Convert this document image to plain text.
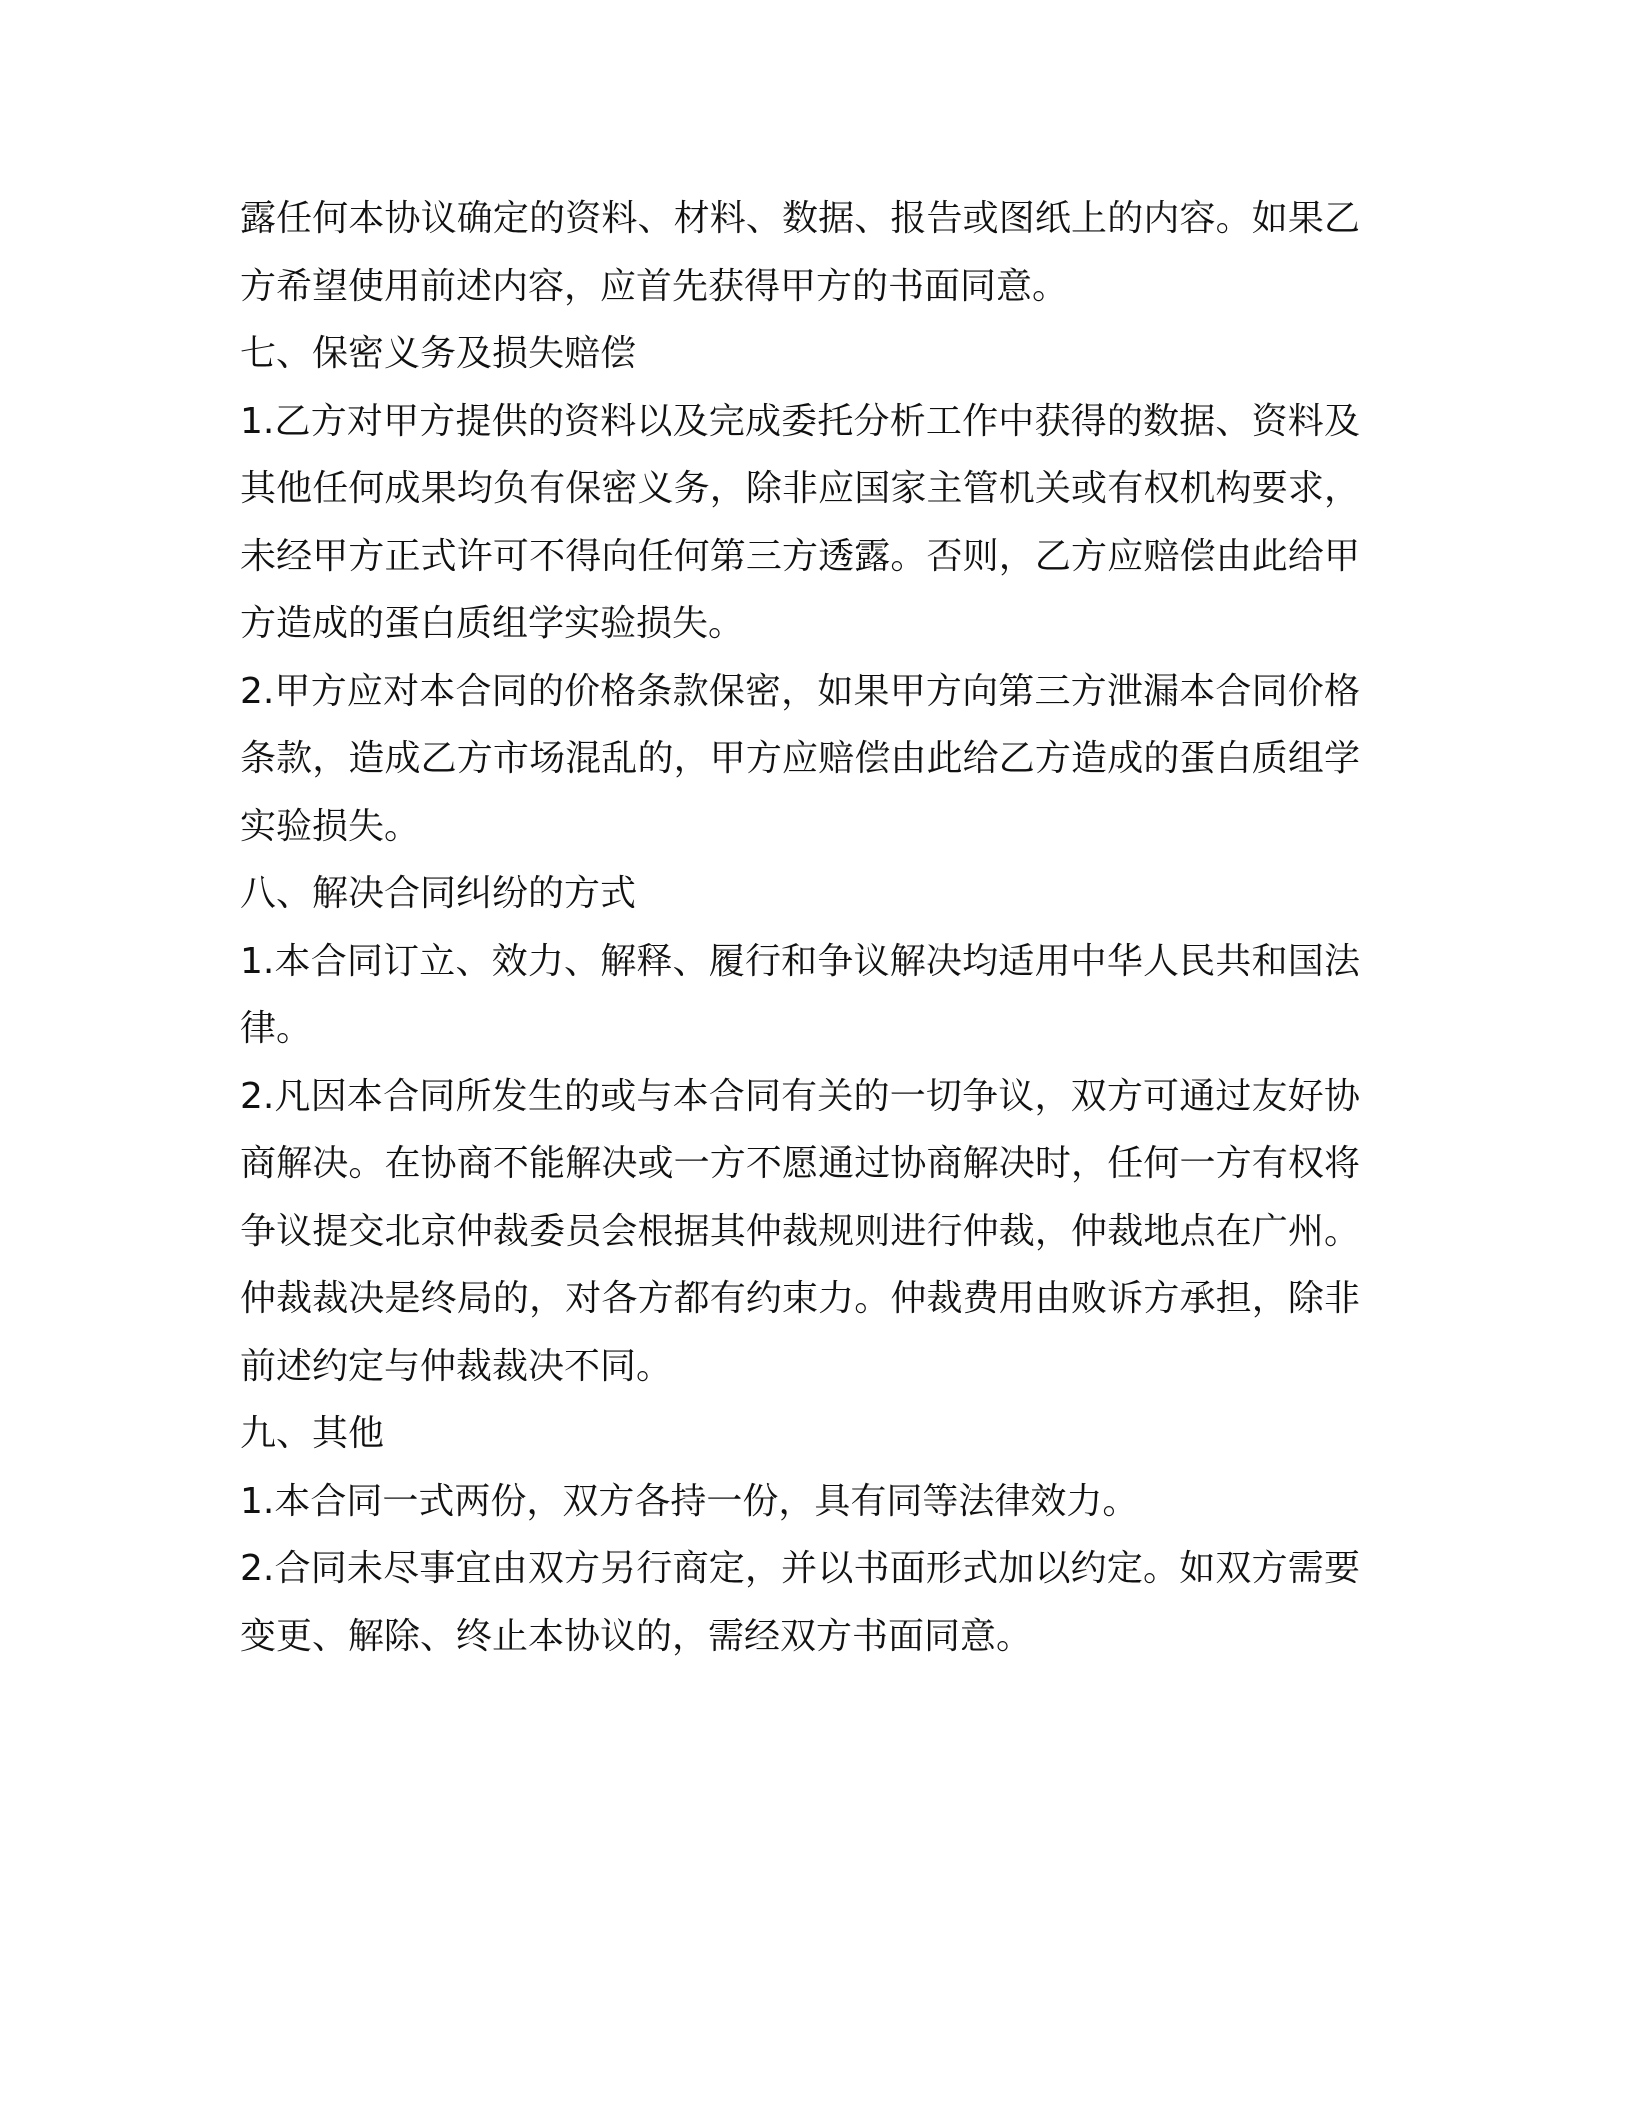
露任何本协议确定的资料、材料、数据、报告或图纸上的内容。如果乙方希望使用前述内容，应首先获得甲方的书面同意。

七、保密义务及损失赔偿

1.乙方对甲方提供的资料以及完成委托分析工作中获得的数据、资料及其他任何成果均负有保密义务，除非应国家主管机关或有权机构要求，未经甲方正式许可不得向任何第三方透露。否则，乙方应赔偿由此给甲方造成的蛋白质组学实验损失。

2.甲方应对本合同的价格条款保密，如果甲方向第三方泄漏本合同价格条款，造成乙方市场混乱的，甲方应赔偿由此给乙方造成的蛋白质组学实验损失。

八、解决合同纠纷的方式

1.本合同订立、效力、解释、履行和争议解决均适用中华人民共和国法律。

2.凡因本合同所发生的或与本合同有关的一切争议，双方可通过友好协商解决。在协商不能解决或一方不愿通过协商解决时，任何一方有权将争议提交北京仲裁委员会根据其仲裁规则进行仲裁，仲裁地点在广州。仲裁裁决是终局的，对各方都有约束力。仲裁费用由败诉方承担，除非前述约定与仲裁裁决不同。

九、其他

1.本合同一式两份，双方各持一份，具有同等法律效力。

2.合同未尽事宜由双方另行商定，并以书面形式加以约定。如双方需要变更、解除、终止本协议的，需经双方书面同意。
